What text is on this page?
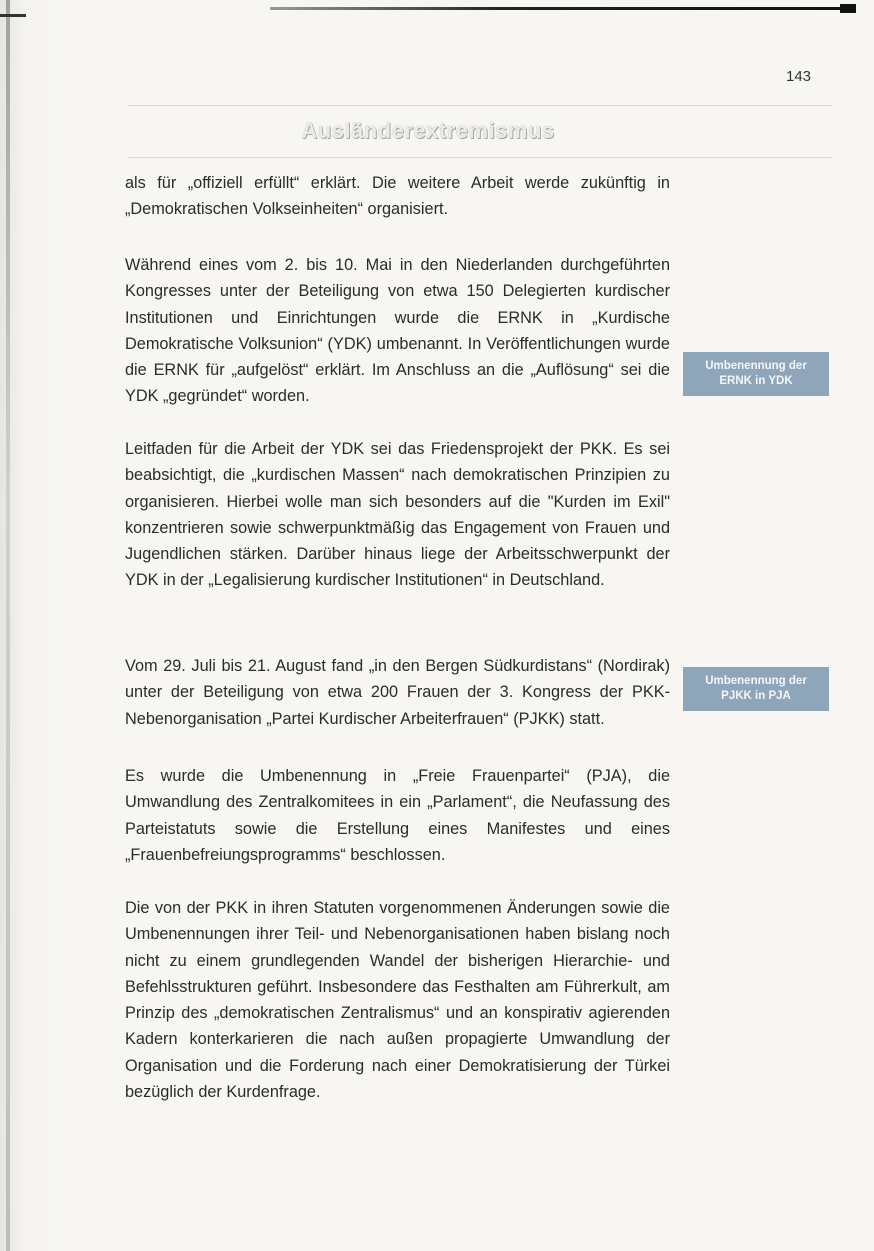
143
Ausländerextremismus

als für „offiziell erfüllt“ erklärt. Die weitere Arbeit werde zukünftig in „Demokratischen Volkseinheiten“ organisiert.

Während eines vom 2. bis 10. Mai in den Niederlanden durchgeführten Kongresses unter der Beteiligung von etwa 150 Delegierten kurdischer Institutionen und Einrichtungen wurde die ERNK in „Kurdische Demokratische Volksunion“ (YDK) umbenannt. In Veröffentlichungen wurde die ERNK für „aufgelöst“ erklärt. Im Anschluss an die „Auflösung“ sei die YDK „gegründet“ worden.

Leitfaden für die Arbeit der YDK sei das Friedensprojekt der PKK. Es sei beabsichtigt, die „kurdischen Massen“ nach demokratischen Prinzipien zu organisieren. Hierbei wolle man sich besonders auf die "Kurden im Exil" konzentrieren sowie schwerpunktmäßig das Engagement von Frauen und Jugendlichen stärken. Darüber hinaus liege der Arbeitsschwerpunkt der YDK in der „Legalisierung kurdischer Institutionen“ in Deutschland.

Umbenennung der
ERNK in YDK

Vom 29. Juli bis 21. August fand „in den Bergen Südkurdistans“ (Nordirak) unter der Beteiligung von etwa 200 Frauen der 3. Kongress der PKK-Nebenorganisation „Partei Kurdischer Arbeiterfrauen“ (PJKK) statt.

Umbenennung der
PJKK in PJA

Es wurde die Umbenennung in „Freie Frauenpartei“ (PJA), die Umwandlung des Zentralkomitees in ein „Parlament“, die Neufassung des Parteistatuts sowie die Erstellung eines Manifestes und eines „Frauenbefreiungsprogramms“ beschlossen.

Die von der PKK in ihren Statuten vorgenommenen Änderungen sowie die Umbenennungen ihrer Teil- und Nebenorganisationen haben bislang noch nicht zu einem grundlegenden Wandel der bisherigen Hierarchie- und Befehlsstrukturen geführt. Insbesondere das Festhalten am Führerkult, am Prinzip des „demokratischen Zentralismus“ und an konspirativ agierenden Kadern konterkarieren die nach außen propagierte Umwandlung der Organisation und die Forderung nach einer Demokratisierung der Türkei bezüglich der Kurdenfrage.
